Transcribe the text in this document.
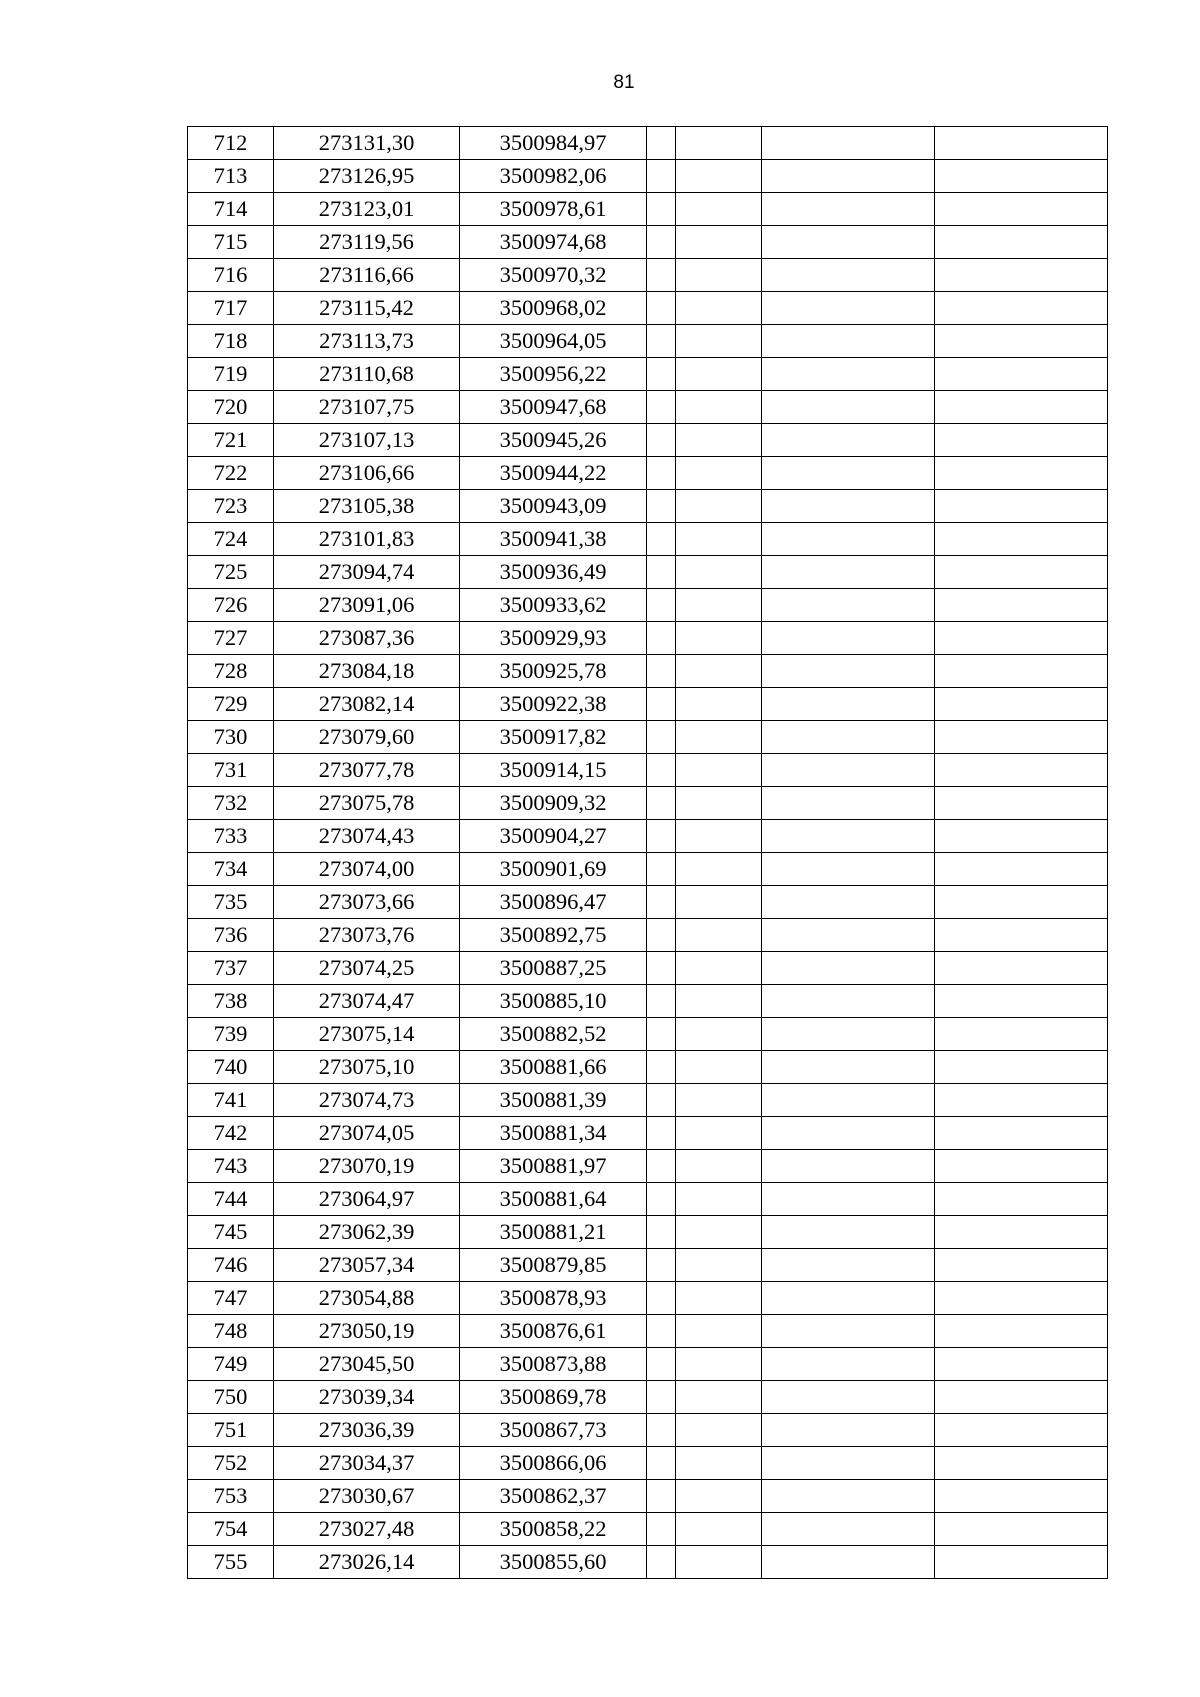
81
712	273131,30	3500984,97				
713	273126,95	3500982,06				
714	273123,01	3500978,61				
715	273119,56	3500974,68				
716	273116,66	3500970,32				
717	273115,42	3500968,02				
718	273113,73	3500964,05				
719	273110,68	3500956,22				
720	273107,75	3500947,68				
721	273107,13	3500945,26				
722	273106,66	3500944,22				
723	273105,38	3500943,09				
724	273101,83	3500941,38				
725	273094,74	3500936,49				
726	273091,06	3500933,62				
727	273087,36	3500929,93				
728	273084,18	3500925,78				
729	273082,14	3500922,38				
730	273079,60	3500917,82				
731	273077,78	3500914,15				
732	273075,78	3500909,32				
733	273074,43	3500904,27				
734	273074,00	3500901,69				
735	273073,66	3500896,47				
736	273073,76	3500892,75				
737	273074,25	3500887,25				
738	273074,47	3500885,10				
739	273075,14	3500882,52				
740	273075,10	3500881,66				
741	273074,73	3500881,39				
742	273074,05	3500881,34				
743	273070,19	3500881,97				
744	273064,97	3500881,64				
745	273062,39	3500881,21				
746	273057,34	3500879,85				
747	273054,88	3500878,93				
748	273050,19	3500876,61				
749	273045,50	3500873,88				
750	273039,34	3500869,78				
751	273036,39	3500867,73				
752	273034,37	3500866,06				
753	273030,67	3500862,37				
754	273027,48	3500858,22				
755	273026,14	3500855,60				
